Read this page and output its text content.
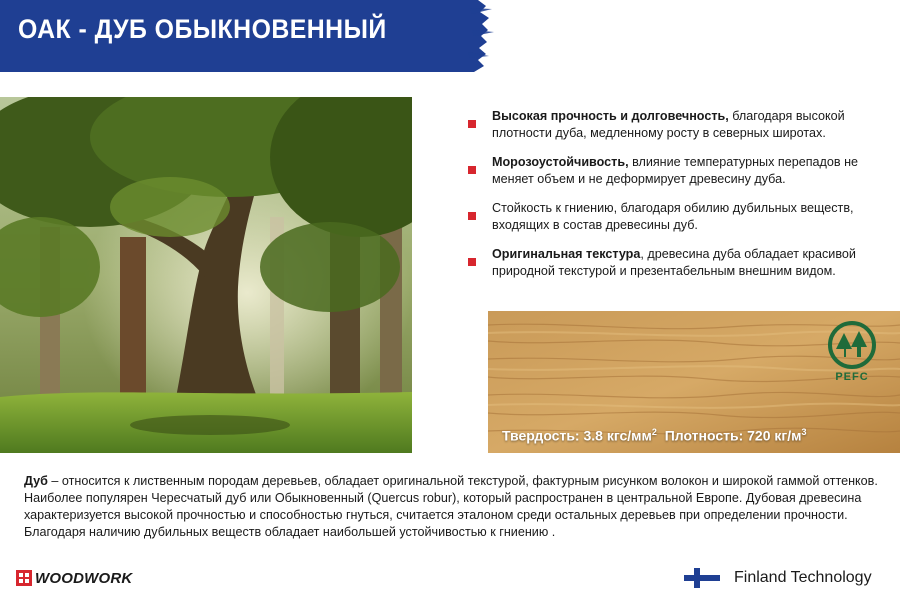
ОАК - ДУБ ОБЫКНОВЕННЫЙ
Высокая прочность и долговечность, благодаря высокой плотности дуба, медленному росту в северных широтах.
Морозоустойчивость, влияние температурных перепадов не меняет объем и не деформирует древесину дуба.
Стойкость к гниению, благодаря обилию дубильных веществ, входящих в состав древесины дуб.
Оригинальная текстура, древесина дуба обладает красивой природной текстурой и презентабельным внешним видом.
PEFC
Твердость: 3.8 кгс/$мм^2$ Плотность: 720 $кг/м^3$
Дуб – относится к лиственным породам деревьев, обладает оригинальной текстурой, фактурным рисунком волокон и широкой гаммой оттенков. Наиболее популярен Чересчатый дуб или Обыкновенный (Quercus robur), который распространен в центральной Европе. Дубовая древесина характеризуется высокой прочностью и способностью гнуться, считается эталоном среди остальных деревьев при определении прочности. Благодаря наличию дубильных веществ обладает наибольшей устойчивостью к гниению .
WOODWORK	Finland Technology
